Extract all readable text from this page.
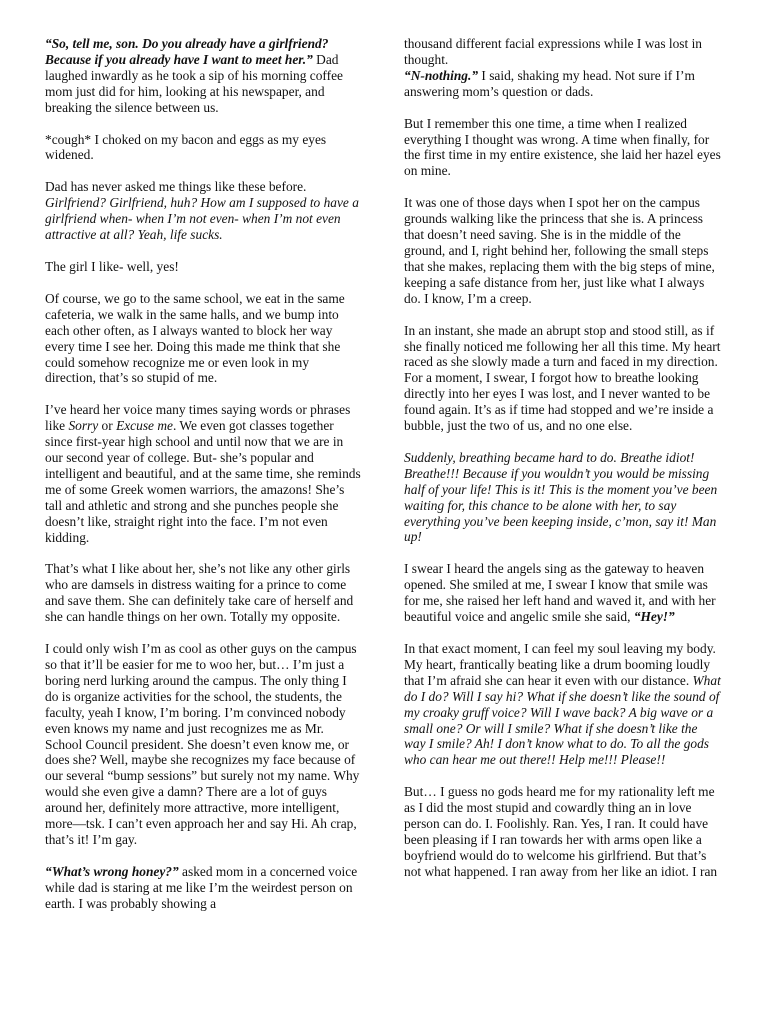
“So, tell me, son. Do you already have a girlfriend? Because if you already have I want to meet her.” Dad laughed inwardly as he took a sip of his morning coffee mom just did for him, looking at his newspaper, and breaking the silence between us.

*cough* I choked on my bacon and eggs as my eyes widened.

Dad has never asked me things like these before. Girlfriend? Girlfriend, huh? How am I supposed to have a girlfriend when- when I’m not even- when I’m not even attractive at all? Yeah, life sucks.

The girl I like- well, yes!

Of course, we go to the same school, we eat in the same cafeteria, we walk in the same halls, and we bump into each other often, as I always wanted to block her way every time I see her. Doing this made me think that she could somehow recognize me or even look in my direction, that’s so stupid of me.

I’ve heard her voice many times saying words or phrases like Sorry or Excuse me. We even got classes together since first-year high school and until now that we are in our second year of college. But- she’s popular and intelligent and beautiful, and at the same time, she reminds me of some Greek women warriors, the amazons! She’s tall and athletic and strong and she punches people she doesn’t like, straight right into the face. I’m not even kidding.

That’s what I like about her, she’s not like any other girls who are damsels in distress waiting for a prince to come and save them. She can definitely take care of herself and she can handle things on her own. Totally my opposite.

I could only wish I’m as cool as other guys on the campus so that it’ll be easier for me to woo her, but… I’m just a boring nerd lurking around the campus. The only thing I do is organize activities for the school, the students, the faculty, yeah I know, I’m boring. I’m convinced nobody even knows my name and just recognizes me as Mr. School Council president. She doesn’t even know me, or does she? Well, maybe she recognizes my face because of our several “bump sessions” but surely not my name. Why would she even give a damn? There are a lot of guys around her, definitely more attractive, more intelligent, more—tsk. I can’t even approach her and say Hi. Ah crap, that’s it! I’m gay.

“What’s wrong honey?” asked mom in a concerned voice while dad is staring at me like I’m the weirdest person on earth. I was probably showing a

thousand different facial expressions while I was lost in thought.
“N-nothing.” I said, shaking my head. Not sure if I’m answering mom’s question or dads.

But I remember this one time, a time when I realized everything I thought was wrong. A time when finally, for the first time in my entire existence, she laid her hazel eyes on mine.

It was one of those days when I spot her on the campus grounds walking like the princess that she is. A princess that doesn’t need saving. She is in the middle of the ground, and I, right behind her, following the small steps that she makes, replacing them with the big steps of mine, keeping a safe distance from her, just like what I always do. I know, I’m a creep.

In an instant, she made an abrupt stop and stood still, as if she finally noticed me following her all this time. My heart raced as she slowly made a turn and faced in my direction. For a moment, I swear, I forgot how to breathe looking directly into her eyes I was lost, and I never wanted to be found again. It’s as if time had stopped and we’re inside a bubble, just the two of us, and no one else.

Suddenly, breathing became hard to do. Breathe idiot! Breathe!!! Because if you wouldn’t you would be missing half of your life! This is it! This is the moment you’ve been waiting for, this chance to be alone with her, to say everything you’ve been keeping inside, c’mon, say it! Man up!

I swear I heard the angels sing as the gateway to heaven opened. She smiled at me, I swear I know that smile was for me, she raised her left hand and waved it, and with her beautiful voice and angelic smile she said, “Hey!”

In that exact moment, I can feel my soul leaving my body. My heart, frantically beating like a drum booming loudly that I’m afraid she can hear it even with our distance. What do I do? Will I say hi? What if she doesn’t like the sound of my croaky gruff voice? Will I wave back? A big wave or a small one? Or will I smile? What if she doesn’t like the way I smile? Ah! I don’t know what to do. To all the gods who can hear me out there!! Help me!!! Please!!

But… I guess no gods heard me for my rationality left me as I did the most stupid and cowardly thing an in love person can do. I. Foolishly. Ran. Yes, I ran. It could have been pleasing if I ran towards her with arms open like a boyfriend would do to welcome his girlfriend. But that’s not what happened. I ran away from her like an idiot. I ran
